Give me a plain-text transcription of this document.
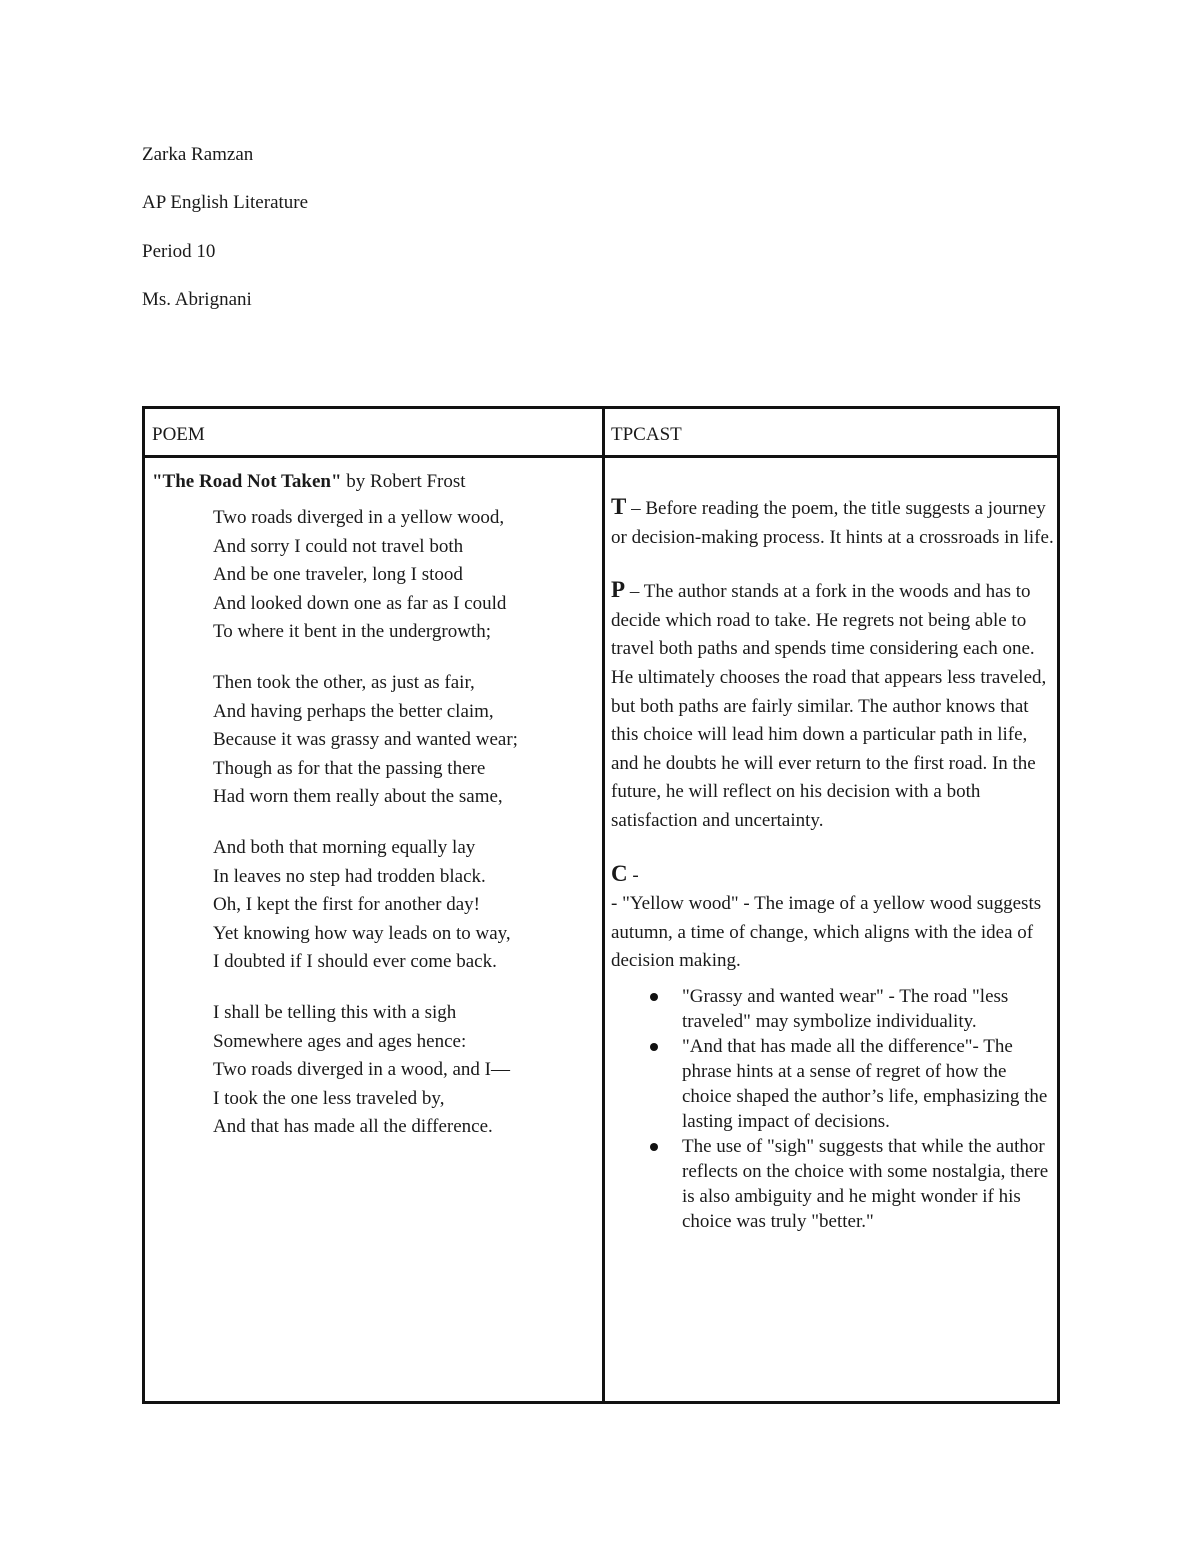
Zarka Ramzan
AP English Literature
Period 10
Ms. Abrignani
POEM	TPCAST
"The Road Not Taken" by Robert Frost

Two roads diverged in a yellow wood,

And sorry I could not travel both

And be one traveler, long I stood

And looked down one as far as I could

To where it bent in the undergrowth;

Then took the other, as just as fair,

And having perhaps the better claim,

Because it was grassy and wanted wear;

Though as for that the passing there

Had worn them really about the same,

And both that morning equally lay

In leaves no step had trodden black.

Oh, I kept the first for another day!

Yet knowing how way leads on to way,

I doubted if I should ever come back.

I shall be telling this with a sigh

Somewhere ages and ages hence:

Two roads diverged in a wood, and I—

I took the one less traveled by,

And that has made all the difference.

T – Before reading the poem, the title suggests a journey or decision-making process. It hints at a crossroads in life.
P – The author stands at a fork in the woods and has to decide which road to take. He regrets not being able to travel both paths and spends time considering each one. He ultimately chooses the road that appears less traveled, but both paths are fairly similar. The author knows that this choice will lead him down a particular path in life, and he doubts he will ever return to the first road. In the future, he will reflect on his decision with a both satisfaction and uncertainty.
C -
- "Yellow wood" - The image of a yellow wood suggests autumn, a time of change, which aligns with the idea of decision making.
"Grassy and wanted wear" - The road "less traveled" may symbolize individuality.
"And that has made all the difference"- The phrase hints at a sense of regret of how the choice shaped the author’s life, emphasizing the lasting impact of decisions.
The use of "sigh" suggests that while the author reflects on the choice with some nostalgia, there is also ambiguity and he might wonder if his choice was truly "better."
